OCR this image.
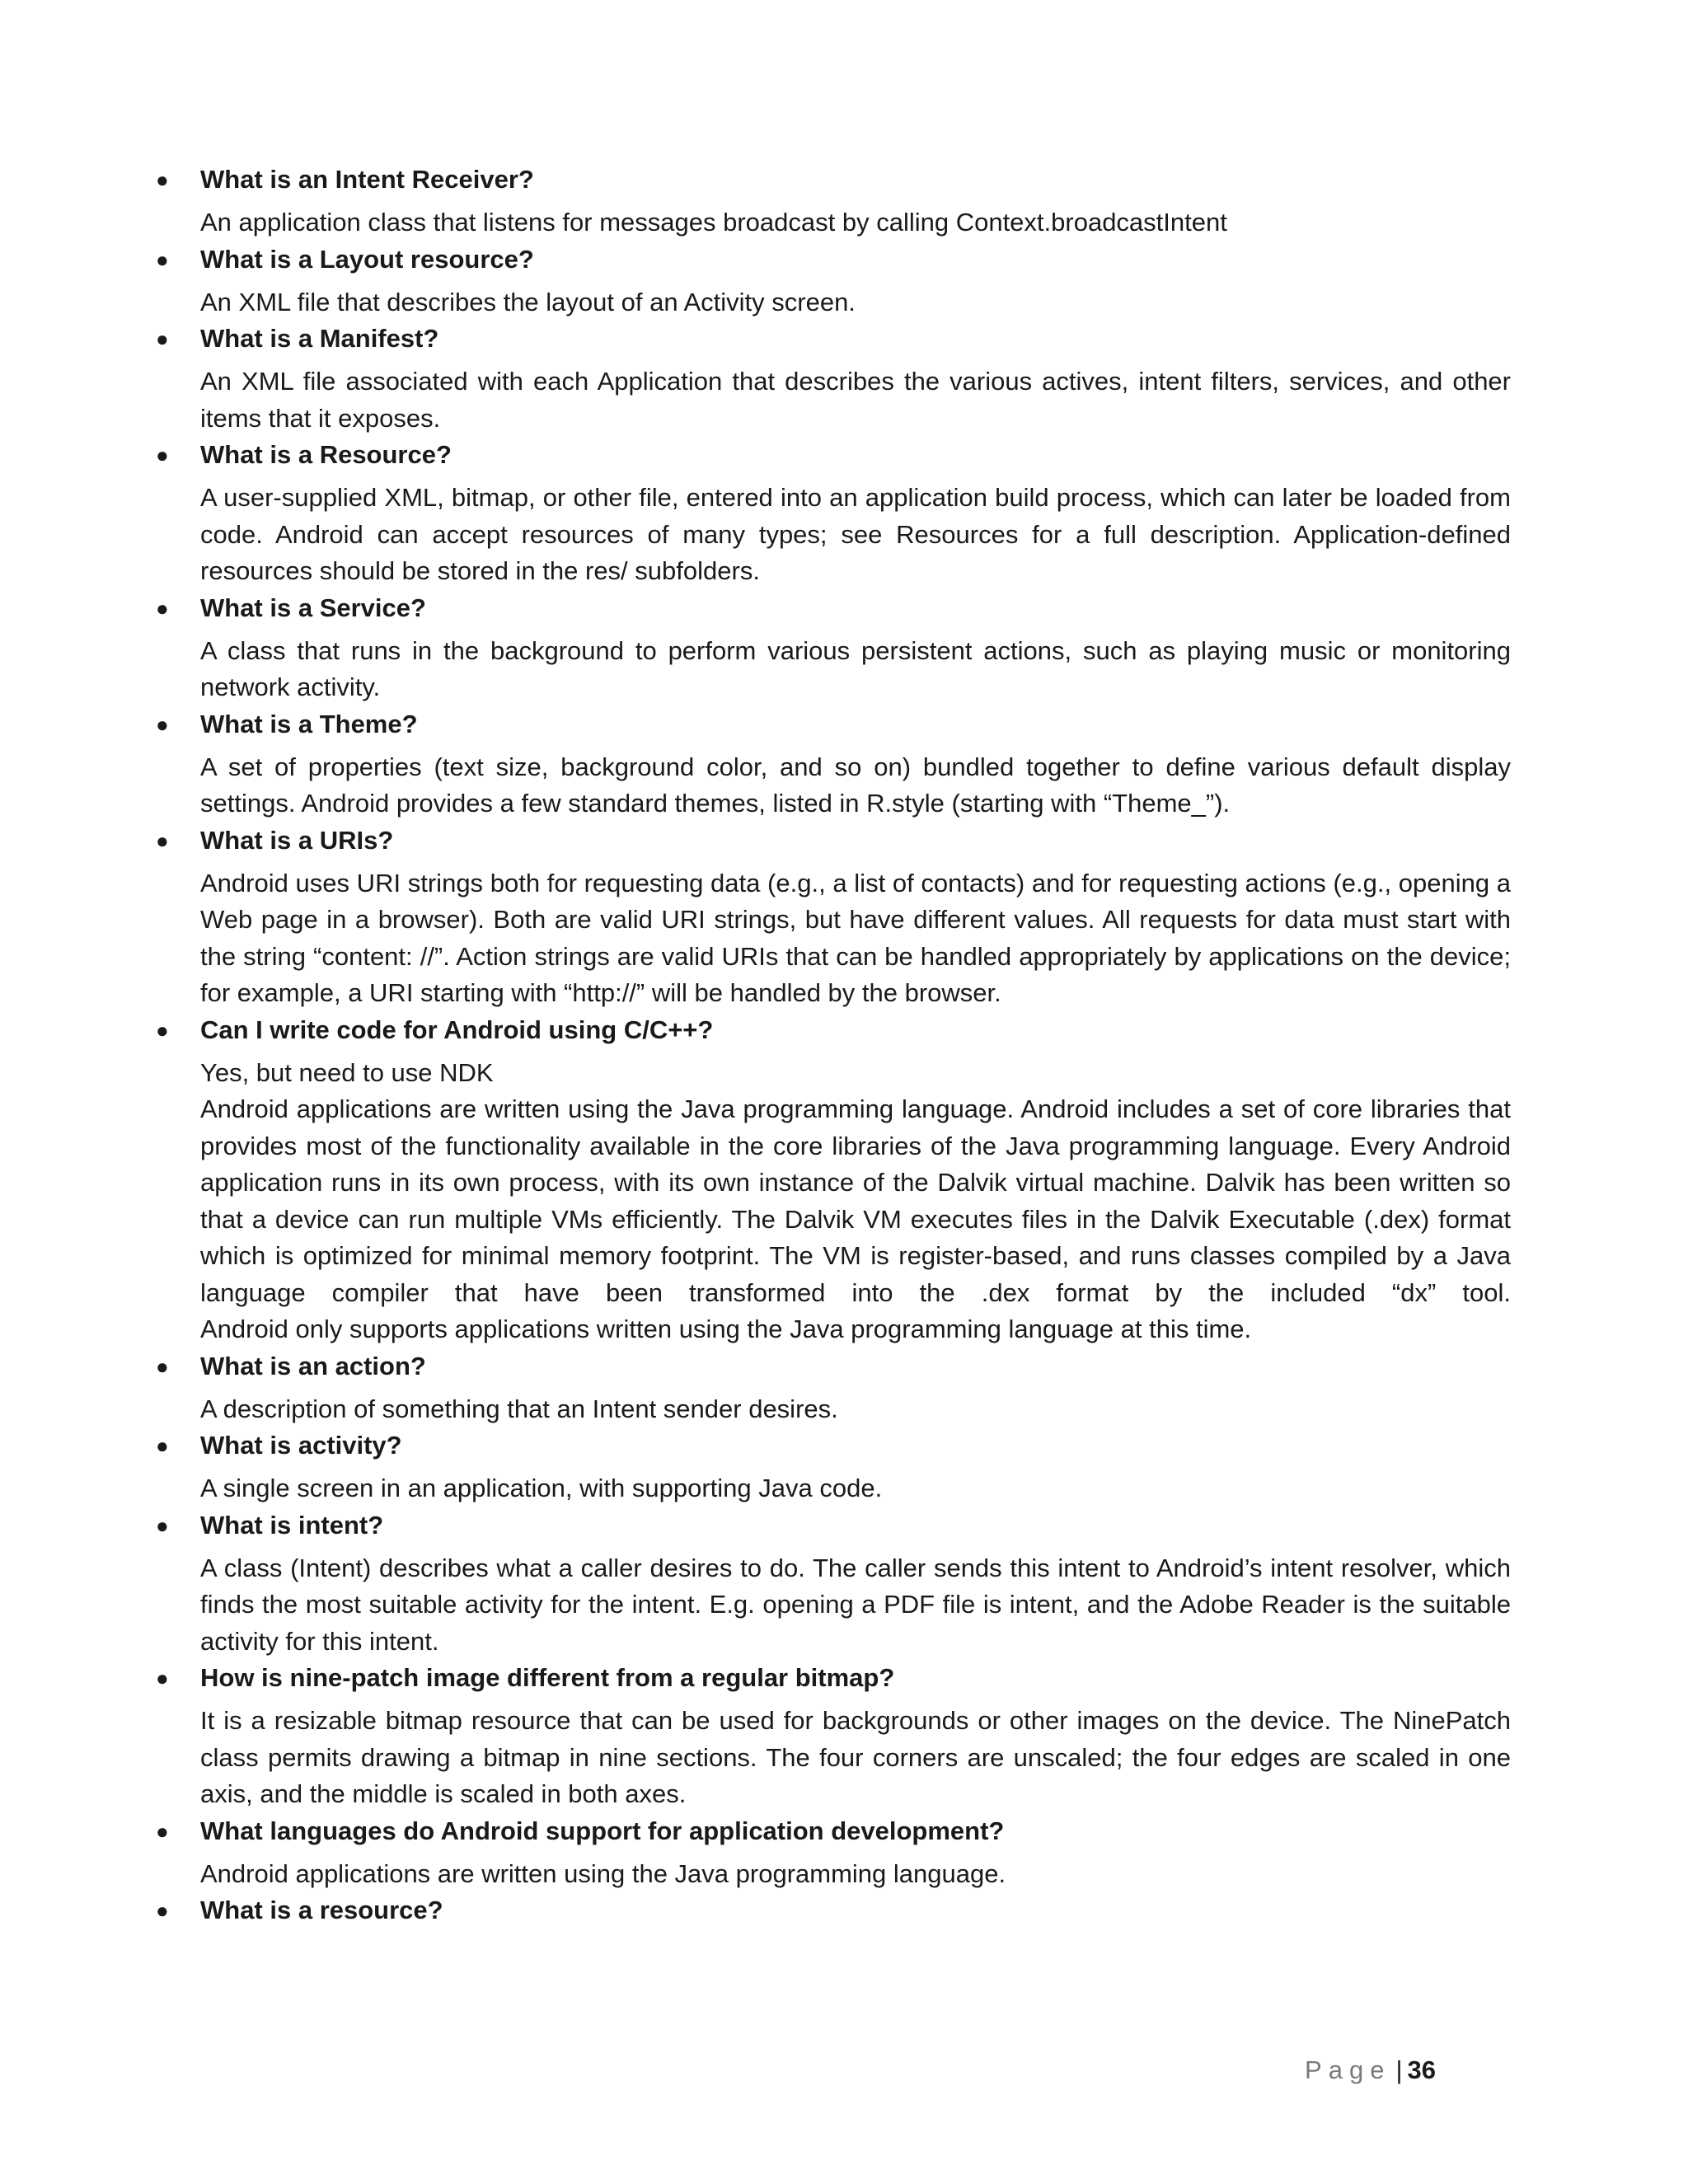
● What is an Intent Receiver?

An application class that listens for messages broadcast by calling Context.broadcastIntent

● What is a Layout resource?

An XML file that describes the layout of an Activity screen.

● What is a Manifest?

An XML file associated with each Application that describes the various actives, intent filters, services, and other items that it exposes.

● What is a Resource?

A user-supplied XML, bitmap, or other file, entered into an application build process, which can later be loaded from code. Android can accept resources of many types; see Resources for a full description. Application-defined resources should be stored in the res/ subfolders.

● What is a Service?

A class that runs in the background to perform various persistent actions, such as playing music or monitoring network activity.

● What is a Theme?

A set of properties (text size, background color, and so on) bundled together to define various default display settings. Android provides a few standard themes, listed in R.style (starting with “Theme_”).

● What is a URIs?

Android uses URI strings both for requesting data (e.g., a list of contacts) and for requesting actions (e.g., opening a Web page in a browser). Both are valid URI strings, but have different values. All requests for data must start with the string “content: //”. Action strings are valid URIs that can be handled appropriately by applications on the device; for example, a URI starting with “http://” will be handled by the browser.

● Can I write code for Android using C/C++?

Yes, but need to use NDK

Android applications are written using the Java programming language. Android includes a set of core libraries that provides most of the functionality available in the core libraries of the Java programming language. Every Android application runs in its own process, with its own instance of the Dalvik virtual machine. Dalvik has been written so that a device can run multiple VMs efficiently. The Dalvik VM executes files in the Dalvik Executable (.dex) format which is optimized for minimal memory footprint. The VM is register-based, and runs classes compiled by a Java language compiler that have been transformed into the .dex format by the included “dx” tool.

Android only supports applications written using the Java programming language at this time.

● What is an action?

A description of something that an Intent sender desires.

● What is activity?

A single screen in an application, with supporting Java code.

● What is intent?

A class (Intent) describes what a caller desires to do. The caller sends this intent to Android’s intent resolver, which finds the most suitable activity for the intent. E.g. opening a PDF file is intent, and the Adobe Reader is the suitable activity for this intent.

● How is nine-patch image different from a regular bitmap?

It is a resizable bitmap resource that can be used for backgrounds or other images on the device. The NinePatch class permits drawing a bitmap in nine sections. The four corners are unscaled; the four edges are scaled in one axis, and the middle is scaled in both axes.

● What languages do Android support for application development?

Android applications are written using the Java programming language.

● What is a resource?

Page | 36
